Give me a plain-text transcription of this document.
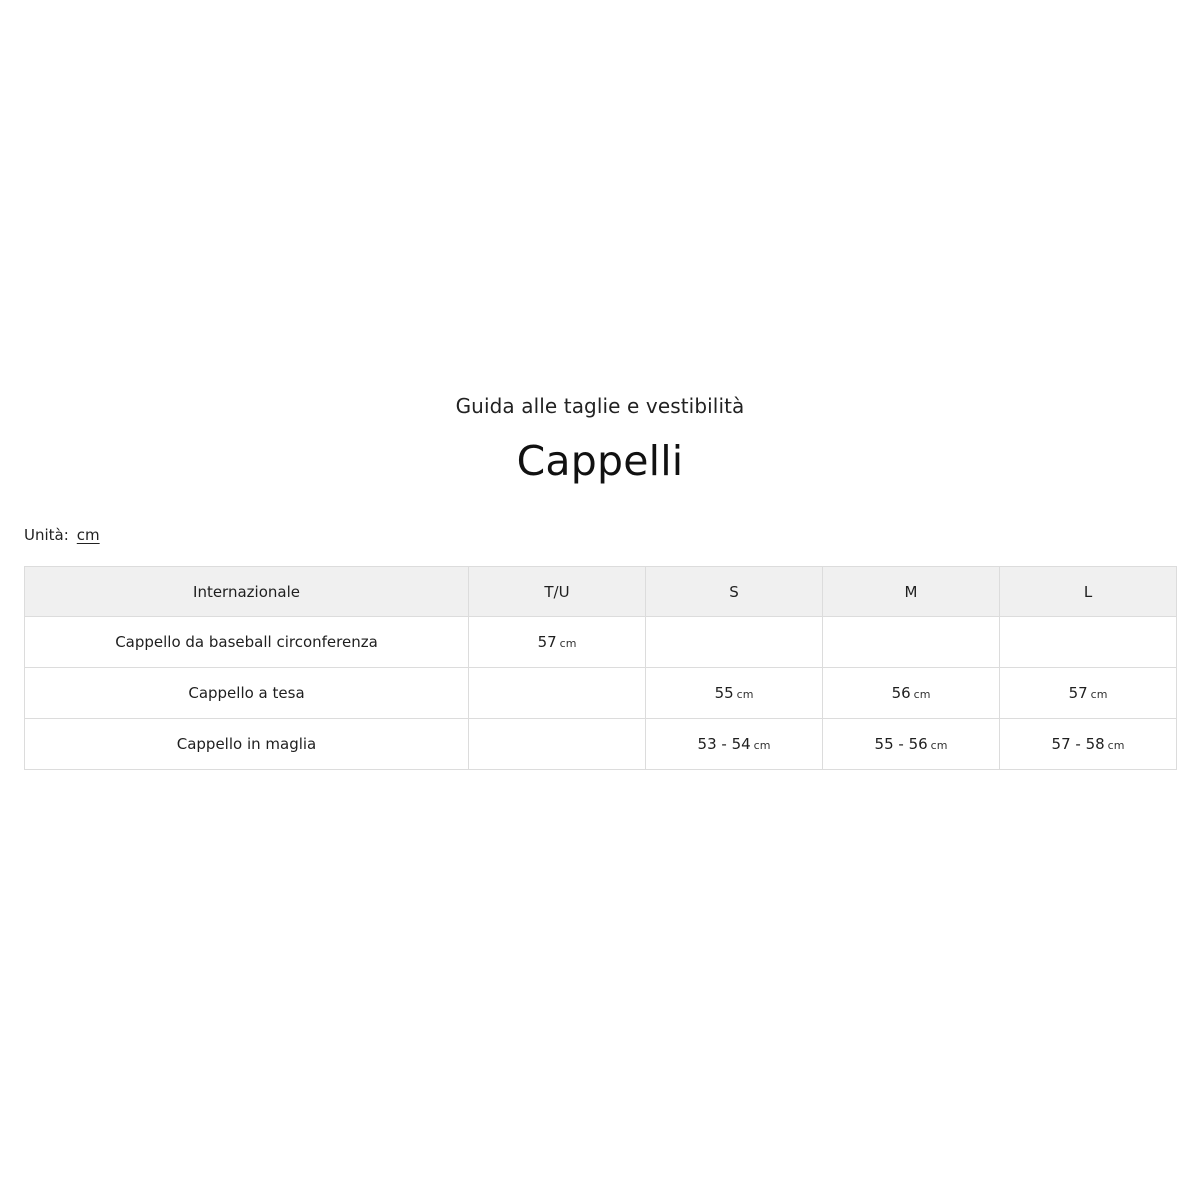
Guida alle taglie e vestibilità
Cappelli
Unità: cm
Internazionale	T/U	S	M	L
Cappello da baseball circonferenza	57 cm			
Cappello a tesa		55 cm	56 cm	57 cm
Cappello in maglia		53 - 54 cm	55 - 56 cm	57 - 58 cm
